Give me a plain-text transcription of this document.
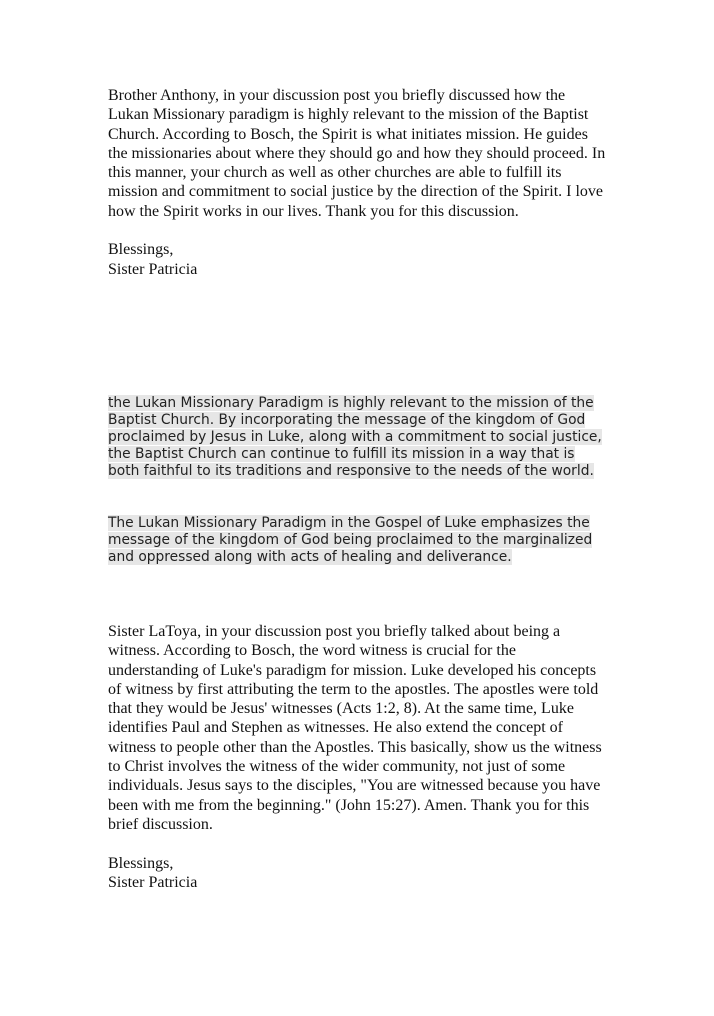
Brother Anthony, in your discussion post you briefly discussed how the Lukan Missionary paradigm is highly relevant to the mission of the Baptist Church. According to Bosch, the Spirit is what initiates mission. He guides the missionaries about where they should go and how they should proceed. In this manner, your church as well as other churches are able to fulfill its mission and commitment to social justice by the direction of the Spirit. I love how the Spirit works in our lives. Thank you for this discussion.

Blessings,

Sister Patricia

the Lukan Missionary Paradigm is highly relevant to the mission of the Baptist Church. By incorporating the message of the kingdom of God proclaimed by Jesus in Luke, along with a commitment to social justice, the Baptist Church can continue to fulfill its mission in a way that is both faithful to its traditions and responsive to the needs of the world.

The Lukan Missionary Paradigm in the Gospel of Luke emphasizes the message of the kingdom of God being proclaimed to the marginalized and oppressed along with acts of healing and deliverance.

Sister LaToya, in your discussion post you briefly talked about being a witness. According to Bosch, the word witness is crucial for the understanding of Luke's paradigm for mission. Luke developed his concepts of witness by first attributing the term to the apostles. The apostles were told that they would be Jesus' witnesses (Acts 1:2, 8). At the same time, Luke identifies Paul and Stephen as witnesses. He also extend the concept of witness to people other than the Apostles. This basically, show us the witness to Christ involves the witness of the wider community, not just of some individuals. Jesus says to the disciples, "You are witnessed because you have been with me from the beginning." (John 15:27). Amen. Thank you for this brief discussion.

Blessings,

Sister Patricia
